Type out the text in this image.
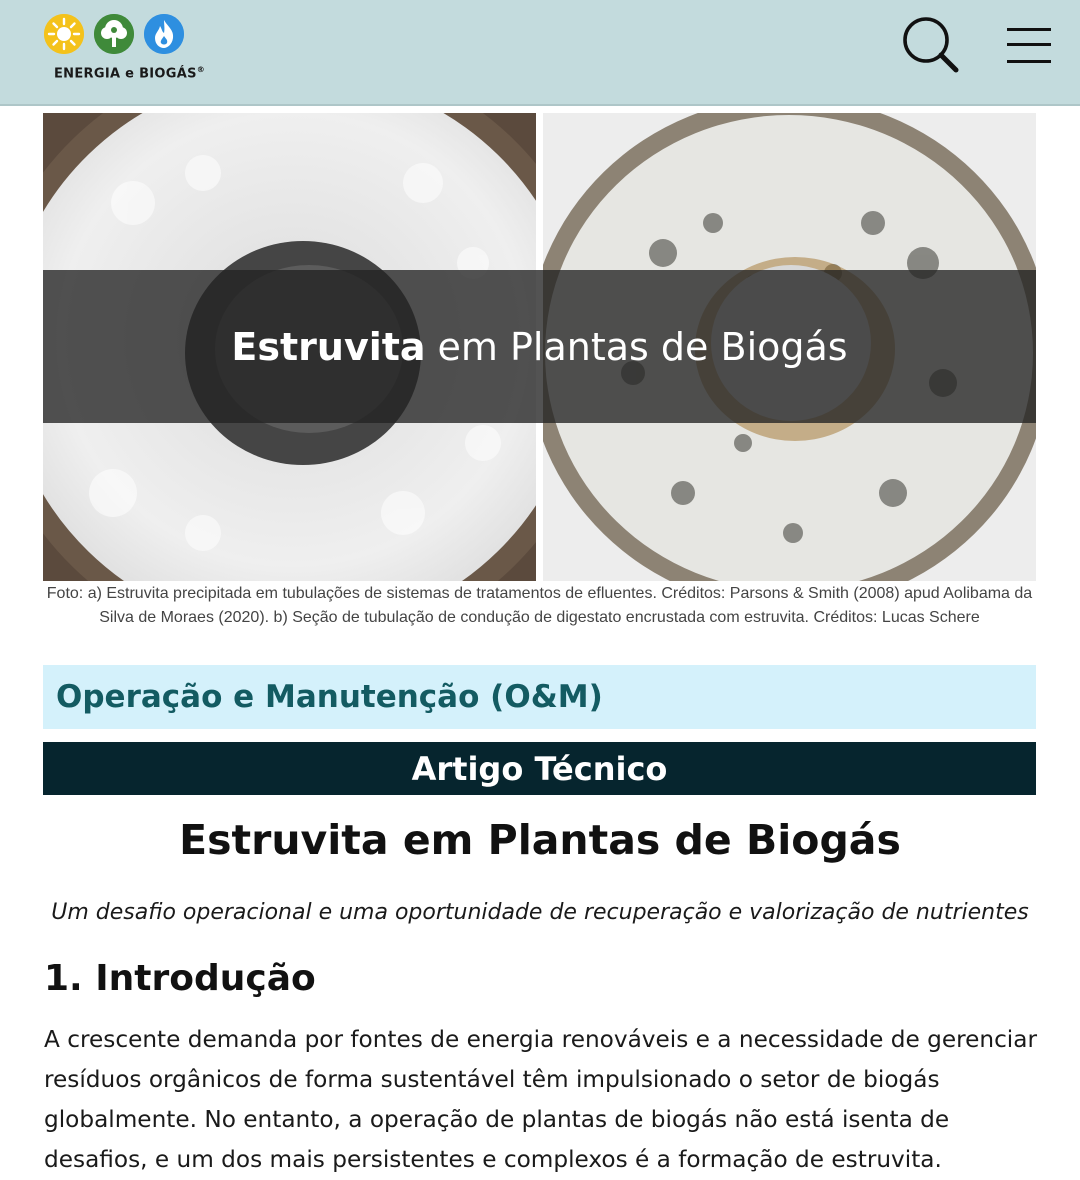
ENERGIA e BIOGÁS®
Estruvita em Plantas de Biogás
Foto: a) Estruvita precipitada em tubulações de sistemas de tratamentos de efluentes. Créditos: Parsons & Smith (2008) apud Aolibama da Silva de Moraes (2020). b) Seção de tubulação de condução de digestato encrustada com estruvita. Créditos: Lucas Schere
Operação e Manutenção (O&M)
Artigo Técnico
Estruvita em Plantas de Biogás
Um desafio operacional e uma oportunidade de recuperação e valorização de nutrientes
1. Introdução
A crescente demanda por fontes de energia renováveis e a necessidade de gerenciar resíduos orgânicos de forma sustentável têm impulsionado o setor de biogás globalmente. No entanto, a operação de plantas de biogás não está isenta de desafios, e um dos mais persistentes e complexos é a formação de estruvita.
